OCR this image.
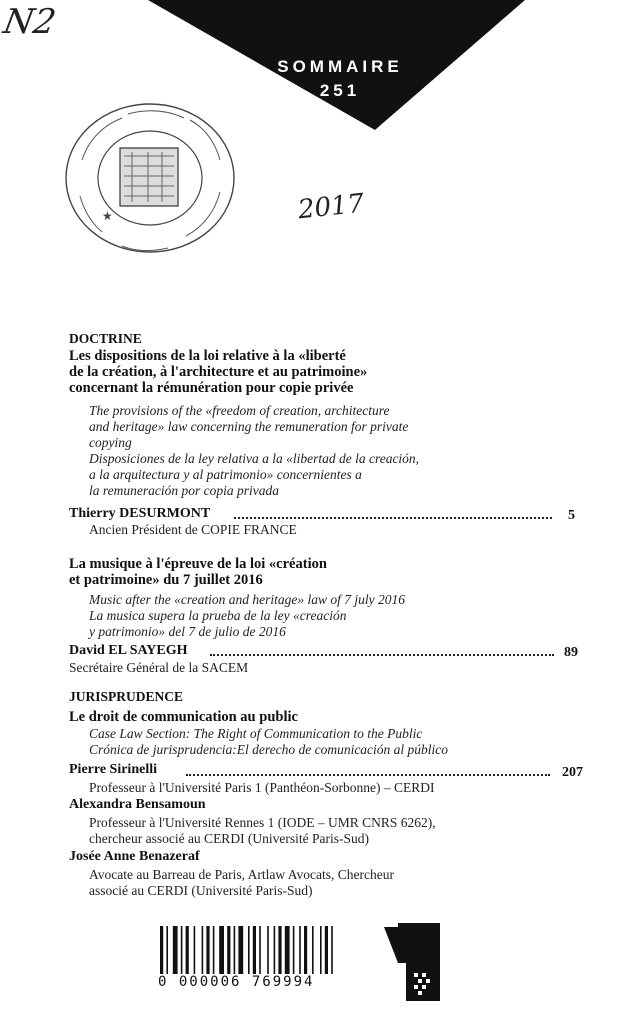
SOMMAIRE
251
N2
2017
★
DOCTRINE
Les dispositions de la loi relative à la «liberté
de la création, à l'architecture et au patrimoine»
concernant la rémunération pour copie privée
The provisions of the «freedom of creation, architecture
and heritage» law concerning the remuneration for private
copying
Disposiciones de la ley relativa a la «libertad de la creación,
a la arquitectura y al patrimonio» concernientes a
la remuneración por copia privada
Thierry DESURMONT	5
Ancien Président de COPIE FRANCE
La musique à l'épreuve de la loi «création
et patrimoine» du 7 juillet 2016
Music after the «creation and heritage» law of 7 july 2016
La musica supera la prueba de la ley «creación
y patrimonio» del 7 de julio de 2016
David EL SAYEGH	89
Secrétaire Général de la SACEM
JURISPRUDENCE
Le droit de communication au public
Case Law Section: The Right of Communication to the Public
Crónica de jurisprudencia:El derecho de comunicación al público
Pierre Sirinelli	207
Professeur à l'Université Paris 1 (Panthéon-Sorbonne) – CERDI
Alexandra Bensamoun
Professeur à l'Université Rennes 1 (IODE – UMR CNRS 6262),
chercheur associé au CERDI (Université Paris-Sud)
Josée Anne Benazeraf
Avocate au Barreau de Paris, Artlaw Avocats, Chercheur
associé au CERDI (Université Paris-Sud)
0 000006 769994
